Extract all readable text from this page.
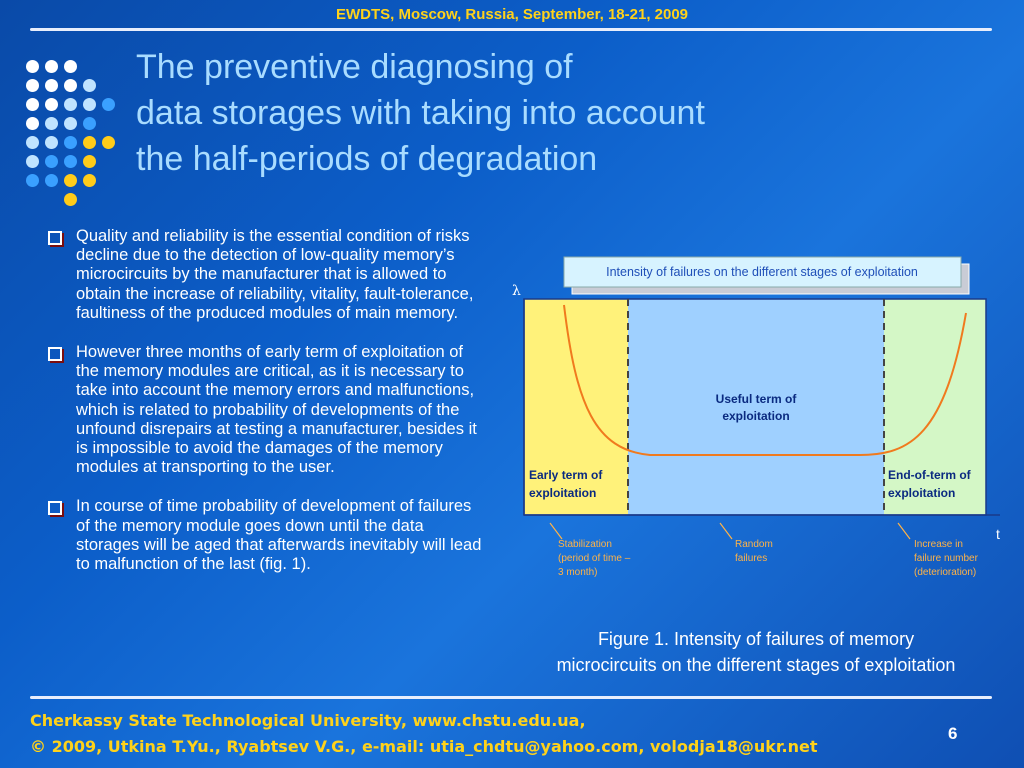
EWDTS, Moscow, Russia, September, 18-21, 2009
The preventive diagnosing of
data storages with taking into account
the half-periods of degradation
Quality and reliability is the essential condition of risks decline due to the detection of low-quality memory’s microcircuits by the manufacturer that is allowed to obtain the increase of reliability, vitality, fault-tolerance, faultiness of the produced modules of main memory.
However three months of early term of exploitation of the memory modules are critical, as it is necessary to take into account the memory errors and malfunctions, which is related to probability of developments of the unfound disrepairs at testing a manufacturer, besides it is impossible to avoid the damages of the memory modules at transporting to the user.
In course of time probability of development of failures of the memory module goes down until the data storages will be aged that afterwards inevitably will lead to malfunction of the last (fig. 1).
Intensity of failures on the different stages of exploitation
λ
t
Useful term of
exploitation
Early term of
exploitation
End-of-term of
exploitation
Stabilization
(period of time –
3 month)
Random
failures
Increase in
failure number
(deterioration)
Figure 1. Intensity of failures of memory
microcircuits on the different stages of exploitation
Cherkassy State Technological University, www.chstu.edu.ua,
© 2009, Utkina T.Yu., Ryabtsev V.G., e-mail: utia_chdtu@yahoo.com, volodja18@ukr.net
6
